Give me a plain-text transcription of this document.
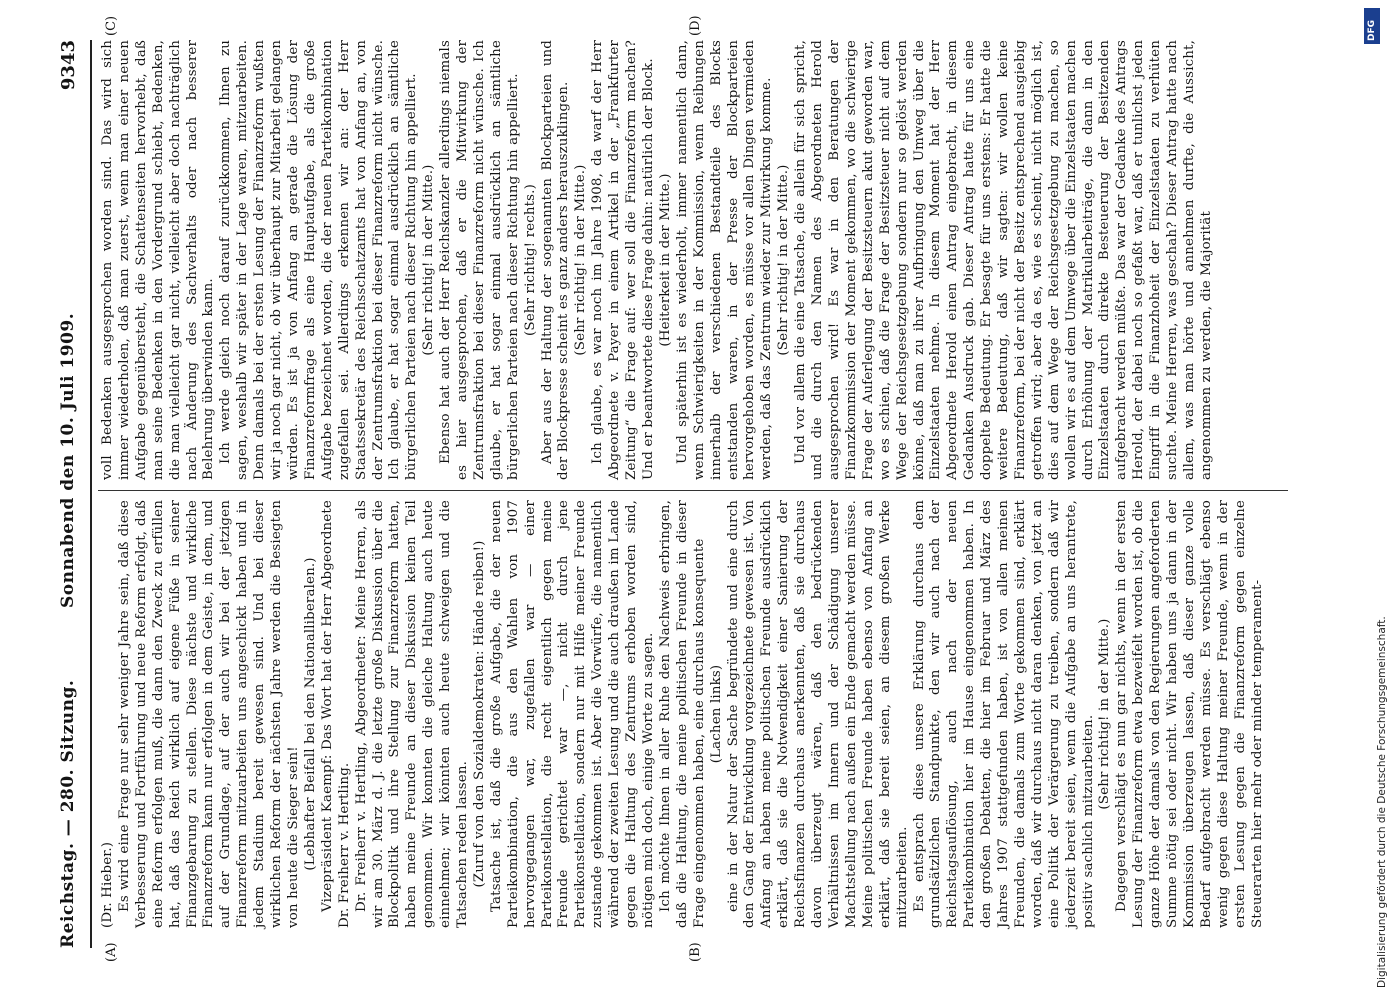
Reichstag. — 280. Sitzung.
Sonnabend den 10. Juli 1909.
9343
(A)	(B)
(C)	(D)

(Dr. Hieber.) Es wird eine Frage nur sehr weniger Jahre sein, daß diese Verbesserung und Fortführung und neue Reform erfolgt, daß eine Reform erfolgen muß, die dann den Zweck zu erfüllen hat, daß das Reich wirklich auf eigene Füße in seiner Finanzgebarung zu stellen. Diese nächste und wirkliche Finanzreform kann nur erfolgen in dem Geiste, in dem, und auf der Grundlage, auf der auch wir bei der jetzigen Finanzreform mitzuarbeiten uns angeschickt haben und in jedem Stadium bereit gewesen sind. Und bei dieser wirklichen Reform der nächsten Jahre werden die Besiegten von heute die Sieger sein! (Lebhafter Beifall bei den Nationalliberalen.) Vizepräsident Kaempf: Das Wort hat der Herr Abgeordnete Dr. Freiherr v. Hertling. Dr. Freiherr v. Hertling, Abgeordneter: Meine Herren, als wir am 30. März d. J. die letzte große Diskussion über die Blockpolitik und ihre Stellung zur Finanzreform hatten, haben meine Freunde an dieser Diskussion keinen Teil genommen. Wir konnten die gleiche Haltung auch heute einnehmen; wir könnten auch heute schweigen und die Tatsachen reden lassen. (Zuruf von den Sozialdemokraten: Hände reiben!) Tatsache ist, daß die große Aufgabe, die der neuen Parteikombination, die aus den Wahlen von 1907 hervorgegangen war, zugefallen war — einer Parteikonstellation, die recht eigentlich gegen meine Freunde gerichtet war —, nicht durch jene Parteikonstellation, sondern nur mit Hilfe meiner Freunde zustande gekommen ist. Aber die Vorwürfe, die namentlich während der zweiten Lesung und die auch draußen im Lande gegen die Haltung des Zentrums erhoben worden sind, nötigen mich doch, einige Worte zu sagen. Ich möchte Ihnen in aller Ruhe den Nachweis erbringen, daß die Haltung, die meine politischen Freunde in dieser Frage eingenommen haben, eine durchaus konsequente (Lachen links) eine in der Natur der Sache begründete und eine durch den Gang der Entwicklung vorgezeichnete gewesen ist. Von Anfang an haben meine politischen Freunde ausdrücklich erklärt, daß sie die Notwendigkeit einer Sanierung der Reichsfinanzen durchaus anerkennten, daß sie durchaus davon überzeugt wären, daß den bedrückenden Verhältnissen im Innern und der Schädigung unserer Machtstellung nach außen ein Ende gemacht werden müsse. Meine politischen Freunde haben ebenso von Anfang an erklärt, daß sie bereit seien, an diesem großen Werke mitzuarbeiten. Es entsprach diese unsere Erklärung durchaus dem grundsätzlichen Standpunkte, den wir auch nach der Reichstagsauflösung, auch nach der neuen Parteikombination hier im Hause eingenommen haben. In den großen Debatten, die hier im Februar und März des Jahres 1907 stattgefunden haben, ist von allen meinen Freunden, die damals zum Worte gekommen sind, erklärt worden, daß wir durchaus nicht daran denken, von jetzt an eine Politik der Verärgerung zu treiben, sondern daß wir jederzeit bereit seien, wenn die Aufgabe an uns herantrete, positiv sachlich mitzuarbeiten.

(Sehr richtig! in der Mitte.) Dagegen verschlägt es nun gar nichts, wenn in der ersten Lesung der Finanzreform etwa bezweifelt worden ist, ob die ganze Höhe der damals von den Regierungen angeforderten Summe nötig sei oder nicht. Wir haben uns ja dann in der Kommission überzeugen lassen, daß dieser ganze volle Bedarf aufgebracht werden müsse. Es verschlägt ebenso wenig gegen diese Haltung meiner Freunde, wenn in der ersten Lesung gegen die Finanzreform gegen einzelne Steuerarten hier mehr oder minder temperament-

voll Bedenken ausgesprochen worden sind. Das wird sich immer wiederholen, daß man zuerst, wenn man einer neuen Aufgabe gegenübersteht, die Schattenseiten hervorhebt, daß man seine Bedenken in den Vordergrund schiebt, Bedenken, die man vielleicht gar nicht, vielleicht aber doch nachträglich nach Änderung des Sachverhalts oder nach besserer Belehrung überwinden kann. Ich werde gleich noch darauf zurückkommen, Ihnen zu sagen, weshalb wir später in der Lage waren, mitzuarbeiten. Denn damals bei der ersten Lesung der Finanzreform wußten wir ja noch gar nicht, ob wir überhaupt zur Mitarbeit gelangen würden. Es ist ja von Anfang an gerade die Lösung der Finanzreformfrage als eine Hauptaufgabe, als die große Aufgabe bezeichnet worden, die der neuen Parteikombination zugefallen sei. Allerdings erkennen wir an: der Herr Staatssekretär des Reichsschatzamts hat von Anfang an, von der Zentrumsfraktion bei dieser Finanzreform nicht wünsche. Ich glaube, er hat sogar einmal ausdrücklich an sämtliche bürgerlichen Parteien nach dieser Richtung hin appelliert. (Sehr richtig! in der Mitte.) Ebenso hat auch der Herr Reichskanzler allerdings niemals es hier ausgesprochen, daß er die Mitwirkung der Zentrumsfraktion bei dieser Finanzreform nicht wünsche. Ich glaube, er hat sogar einmal ausdrücklich an sämtliche bürgerlichen Parteien nach dieser Richtung hin appelliert. (Sehr richtig! rechts.) Aber aus der Haltung der sogenannten Blockparteien und der Blockpresse scheint es ganz anders herauszuklingen. (Sehr richtig! in der Mitte.) Ich glaube, es war noch im Jahre 1908, da warf der Herr Abgeordnete v. Payer in einem Artikel in der „Frankfurter Zeitung“ die Frage auf: wer soll die Finanzreform machen? Und er beantwortete diese Frage dahin: natürlich der Block. (Heiterkeit in der Mitte.) Und späterhin ist es wiederholt, immer namentlich dann, wenn Schwierigkeiten in der Kommission, wenn Reibungen innerhalb der verschiedenen Bestandteile des Blocks entstanden waren, in der Presse der Blockparteien hervorgehoben worden, es müsse vor allen Dingen vermieden werden, daß das Zentrum wieder zur Mitwirkung komme. (Sehr richtig! in der Mitte.) Und vor allem die eine Tatsache, die allein für sich spricht, und die durch den Namen des Abgeordneten Herold ausgesprochen wird! Es war in den Beratungen der Finanzkommission der Moment gekommen, wo die schwierige Frage der Auferlegung der Besitzsteuern akut geworden war, wo es schien, daß die Frage der Besitzsteuer nicht auf dem Wege der Reichsgesetzgebung sondern nur so gelöst werden könne, daß man zu ihrer Aufbringung den Umweg über die Einzelstaaten nehme. In diesem Moment hat der Herr Abgeordnete Herold einen Antrag eingebracht, in diesem Gedanken Ausdruck gab. Dieser Antrag hatte für uns eine doppelte Bedeutung. Er besagte für uns erstens: Er hatte die weitere Bedeutung, daß wir sagten: wir wollen keine Finanzreform, bei der nicht der Besitz entsprechend ausgiebig getroffen wird; aber da es, wie es scheint, nicht möglich ist, dies auf dem Wege der Reichsgesetzgebung zu machen, so wollen wir es auf dem Umwege über die Einzelstaaten machen durch Erhöhung der Matrikularbeiträge, die dann in den Einzelstaaten durch direkte Besteuerung der Besitzenden aufgebracht werden müßte. Das war der Gedanke des Antrags Herold, der dabei noch so gefaßt war, daß er tunlichst jeden Eingriff in die Finanzhoheit der Einzelstaaten zu verhüten suchte. Meine Herren, was geschah? Dieser Antrag hatte nach allem, was man hörte und annehmen durfte, die Aussicht, angenommen zu werden, die Majorität

Digitalisierung gefördert durch die Deutsche Forschungsgemeinschaft.
DFG
